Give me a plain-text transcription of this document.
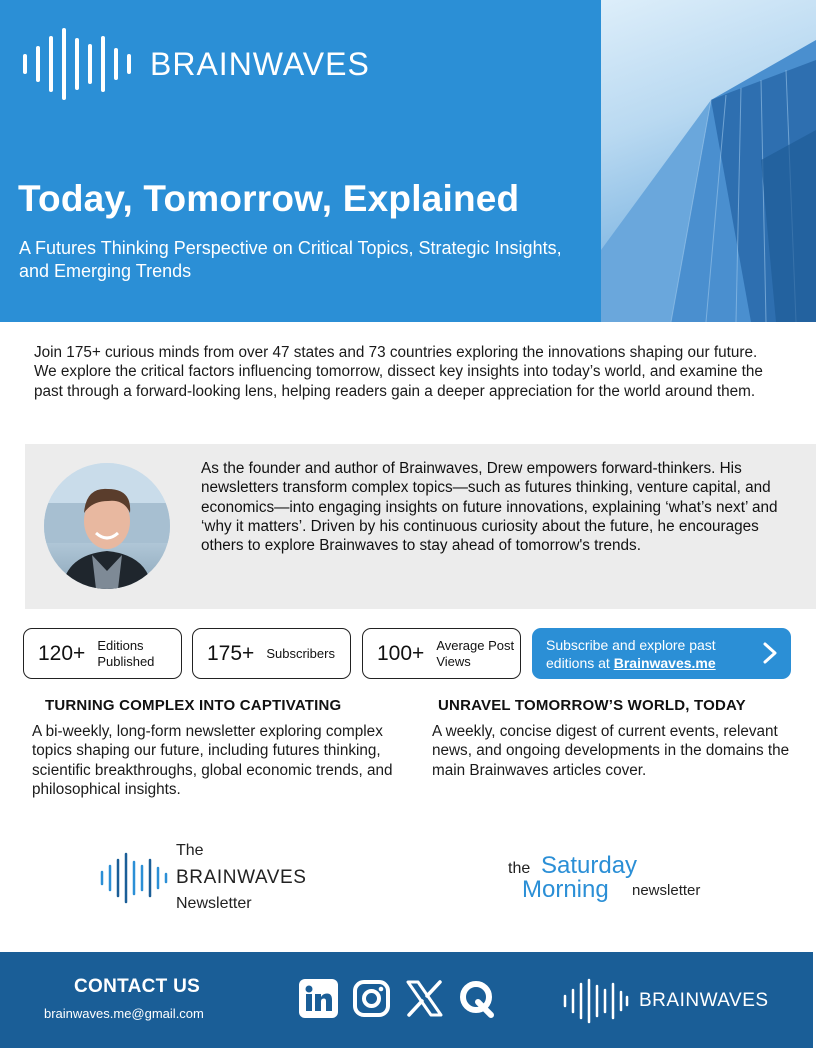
BRAINWAVES
Today, Tomorrow, Explained
A Futures Thinking Perspective on Critical Topics, Strategic Insights, and Emerging Trends

Join 175+ curious minds from over 47 states and 73 countries exploring the innovations shaping our future. We explore the critical factors influencing tomorrow, dissect key insights into today’s world, and examine the past through a forward-looking lens, helping readers gain a deeper appreciation for the world around them.

As the founder and author of Brainwaves, Drew empowers forward-thinkers. His newsletters transform complex topics—such as futures thinking, venture capital, and economics—into engaging insights on future innovations, explaining ‘what’s next’ and ‘why it matters’. Driven by his continuous curiosity about the future, he encourages others to explore Brainwaves to stay ahead of tomorrow's trends.

120+ Editions Published	175+ Subscribers 100+ Average Post Views
Subscribe and explore past editions at Brainwaves.me
TURNING COMPLEX INTO CAPTIVATING

A bi-weekly, long-form newsletter exploring complex topics shaping our future, including futures thinking, scientific breakthroughs, global economic trends, and philosophical insights.

UNRAVEL TOMORROW’S WORLD, TODAY

A weekly, concise digest of current events, relevant news, and ongoing developments in the domains the main Brainwaves articles cover.

The
BRAINWAVES
Newsletter
the Saturday
Morning newsletter
CONTACT US
brainwaves.me@gmail.com
BRAINWAVES
